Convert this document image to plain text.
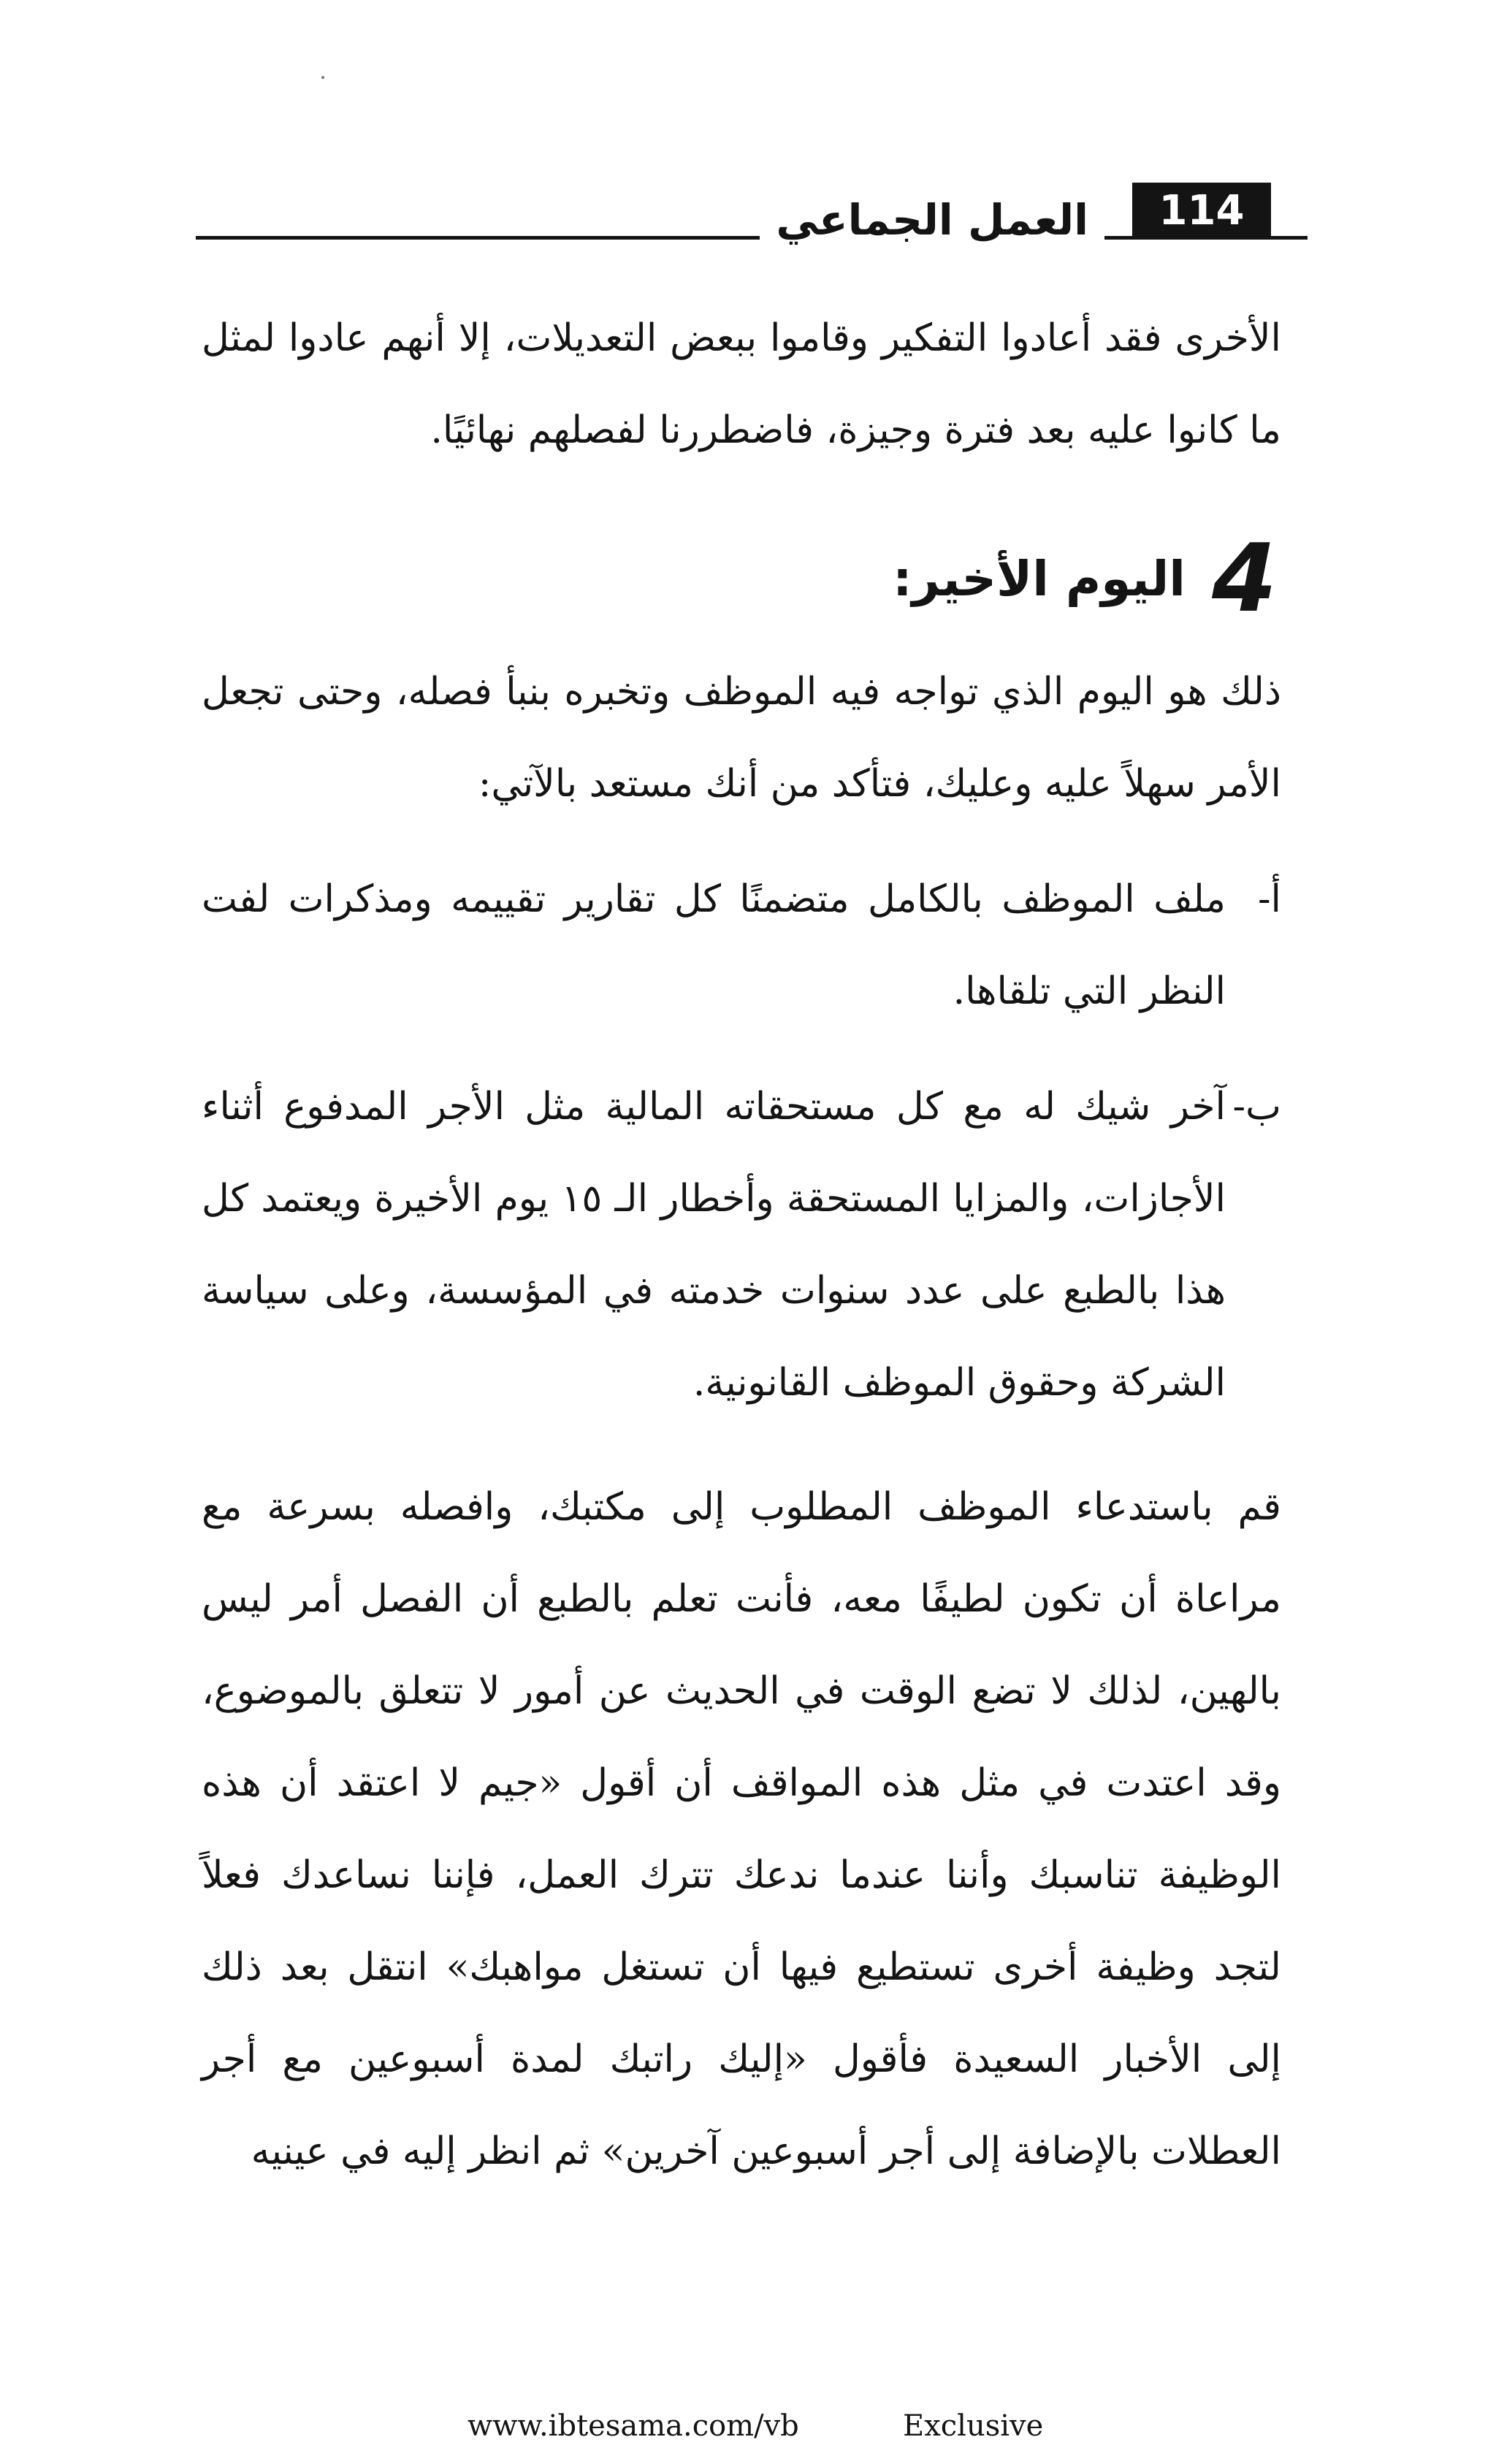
114
العمل الجماعي
الأخرى فقد أعادوا التفكير وقاموا ببعض التعديلات، إلا أنهم عادوا لمثل ما كانوا عليه بعد فترة وجيزة، فاضطررنا لفصلهم نهائيًا.
4
اليوم الأخير:
ذلك هو اليوم الذي تواجه فيه الموظف وتخبره بنبأ فصله، وحتى تجعل الأمر سهلاً عليه وعليك، فتأكد من أنك مستعد بالآتي:
أ-
ملف الموظف بالكامل متضمنًا كل تقارير تقييمه ومذكرات لفت النظر التي تلقاها.
ب-
آخر شيك له مع كل مستحقاته المالية مثل الأجر المدفوع أثناء الأجازات، والمزايا المستحقة وأخطار الـ ١٥ يوم الأخيرة ويعتمد كل هذا بالطبع على عدد سنوات خدمته في المؤسسة، وعلى سياسة الشركة وحقوق الموظف القانونية.
قم باستدعاء الموظف المطلوب إلى مكتبك، وافصله بسرعة مع مراعاة أن تكون لطيفًا معه، فأنت تعلم بالطبع أن الفصل أمر ليس بالهين، لذلك لا تضع الوقت في الحديث عن أمور لا تتعلق بالموضوع، وقد اعتدت في مثل هذه المواقف أن أقول «جيم لا اعتقد أن هذه الوظيفة تناسبك وأننا عندما ندعك تترك العمل، فإننا نساعدك فعلاً لتجد وظيفة أخرى تستطيع فيها أن تستغل مواهبك» انتقل بعد ذلك إلى الأخبار السعيدة فأقول «إليك راتبك لمدة أسبوعين مع أجر العطلات بالإضافة إلى أجر أسبوعين آخرين» ثم انظر إليه في عينيه
www.ibtesama.com/vb	Exclusive
